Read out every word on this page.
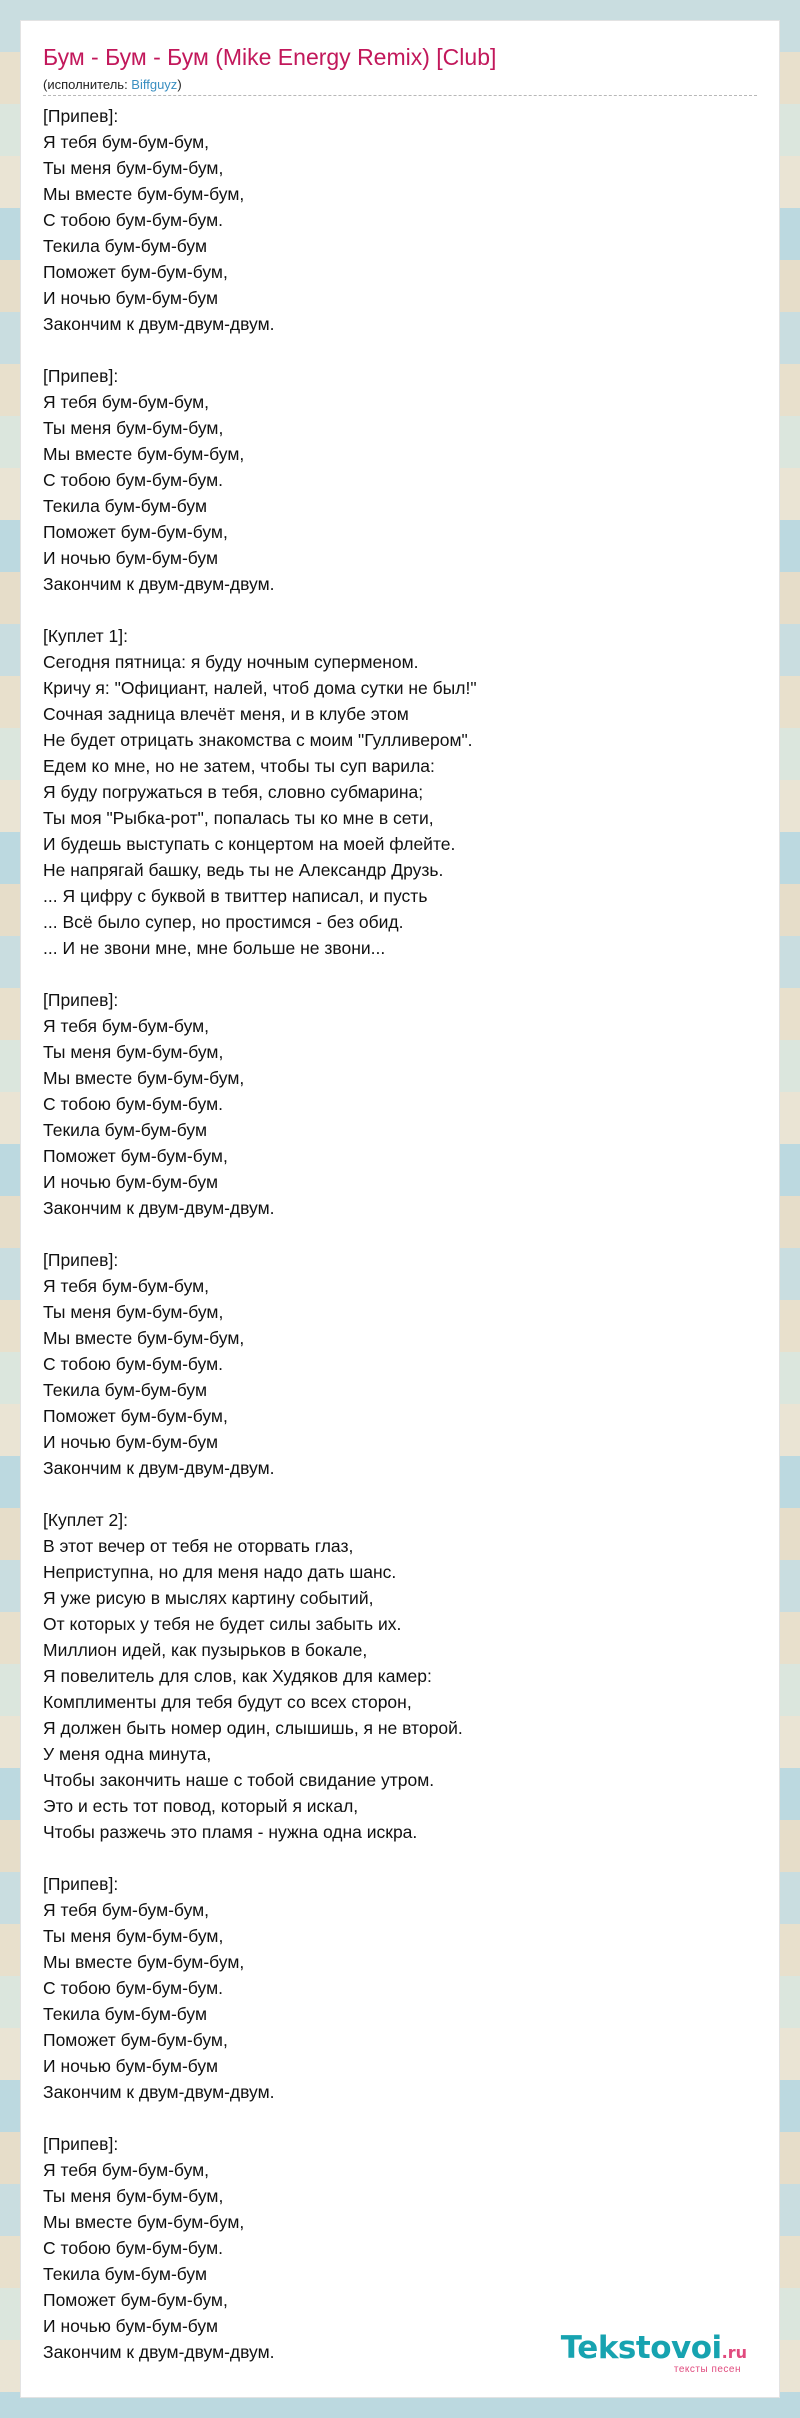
Бум - Бум - Бум (Mike Energy Remix) [Club]
(исполнитель: Biffguyz)
[Припев]:
Я тебя бум-бум-бум,
Ты меня бум-бум-бум,
Мы вместе бум-бум-бум,
С тобою бум-бум-бум.
Текила бум-бум-бум
Поможет бум-бум-бум,
И ночью бум-бум-бум
Закончим к двум-двум-двум.

[Припев]:
Я тебя бум-бум-бум,
Ты меня бум-бум-бум,
Мы вместе бум-бум-бум,
С тобою бум-бум-бум.
Текила бум-бум-бум
Поможет бум-бум-бум,
И ночью бум-бум-бум
Закончим к двум-двум-двум.

[Куплет 1]:
Сегодня пятница: я буду ночным суперменом.
Кричу я: "Официант, налей, чтоб дома сутки не был!"
Сочная задница влечёт меня, и в клубе этом
Не будет отрицать знакомства с моим "Гулливером".
Едем ко мне, но не затем, чтобы ты суп варила:
Я буду погружаться в тебя, словно субмарина;
Ты моя "Рыбка-рот", попалась ты ко мне в сети,
И будешь выступать с концертом на моей флейте.
Не напрягай башку, ведь ты не Александр Друзь.
... Я цифру с буквой в твиттер написал, и пусть
... Всё было супер, но простимся - без обид.
... И не звони мне, мне больше не звони...

[Припев]:
Я тебя бум-бум-бум,
Ты меня бум-бум-бум,
Мы вместе бум-бум-бум,
С тобою бум-бум-бум.
Текила бум-бум-бум
Поможет бум-бум-бум,
И ночью бум-бум-бум
Закончим к двум-двум-двум.

[Припев]:
Я тебя бум-бум-бум,
Ты меня бум-бум-бум,
Мы вместе бум-бум-бум,
С тобою бум-бум-бум.
Текила бум-бум-бум
Поможет бум-бум-бум,
И ночью бум-бум-бум
Закончим к двум-двум-двум.

[Куплет 2]:
В этот вечер от тебя не оторвать глаз,
Неприступна, но для меня надо дать шанс.
Я уже рисую в мыслях картину событий,
От которых у тебя не будет силы забыть их.
Миллион идей, как пузырьков в бокале,
Я повелитель для слов, как Худяков для камер:
Комплименты для тебя будут со всех сторон,
Я должен быть номер один, слышишь, я не второй.
У меня одна минута,
Чтобы закончить наше с тобой свидание утром.
Это и есть тот повод, который я искал,
Чтобы разжечь это пламя - нужна одна искра.

[Припев]:
Я тебя бум-бум-бум,
Ты меня бум-бум-бум,
Мы вместе бум-бум-бум,
С тобою бум-бум-бум.
Текила бум-бум-бум
Поможет бум-бум-бум,
И ночью бум-бум-бум
Закончим к двум-двум-двум.

[Припев]:
Я тебя бум-бум-бум,
Ты меня бум-бум-бум,
Мы вместе бум-бум-бум,
С тобою бум-бум-бум.
Текила бум-бум-бум
Поможет бум-бум-бум,
И ночью бум-бум-бум
Закончим к двум-двум-двум.	Tekstovoi.ru
тексты песен
